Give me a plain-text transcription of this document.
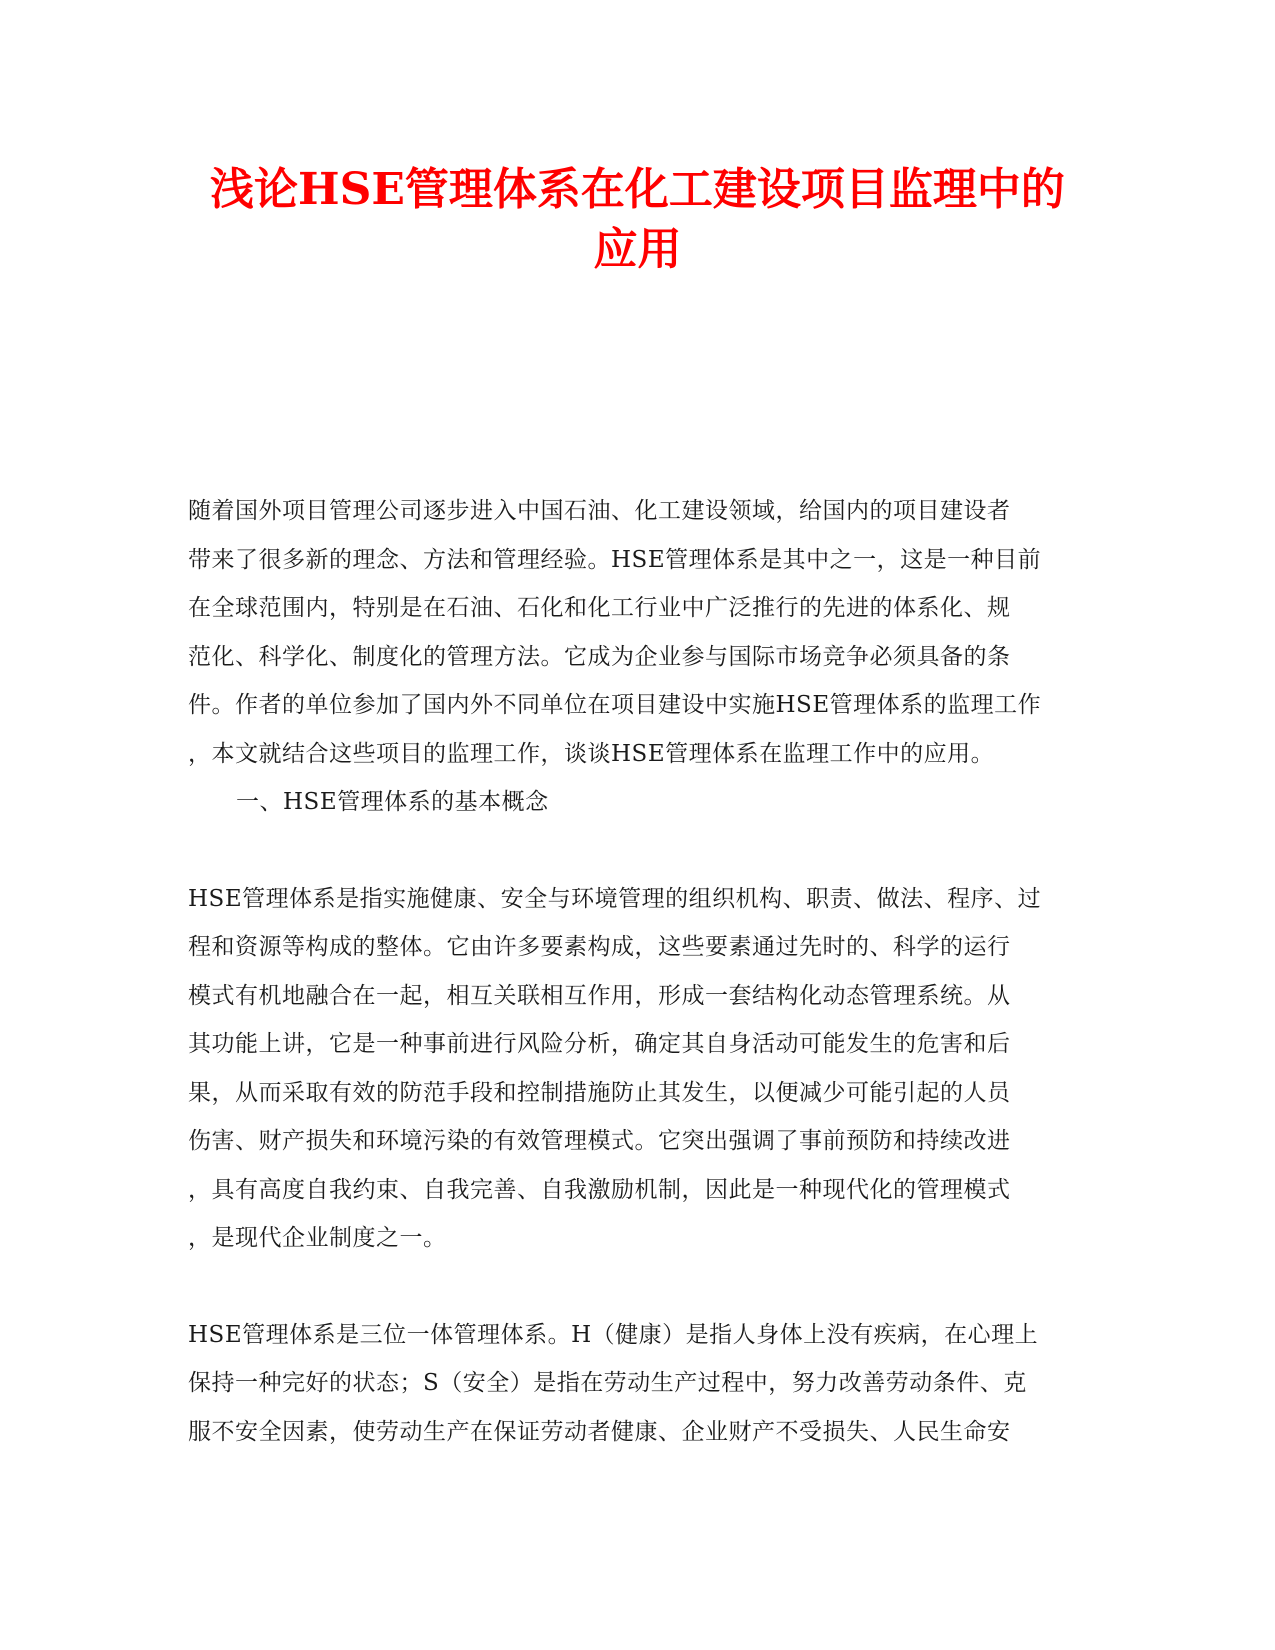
浅论HSE管理体系在化工建设项目监理中的
应用

随着国外项目管理公司逐步进入中国石油、化工建设领域，给国内的项目建设者
带来了很多新的理念、方法和管理经验。HSE管理体系是其中之一，这是一种目前
在全球范围内，特别是在石油、石化和化工行业中广泛推行的先进的体系化、规
范化、科学化、制度化的管理方法。它成为企业参与国际市场竞争必须具备的条
件。作者的单位参加了国内外不同单位在项目建设中实施HSE管理体系的监理工作
，本文就结合这些项目的监理工作，谈谈HSE管理体系在监理工作中的应用。

一、HSE管理体系的基本概念

HSE管理体系是指实施健康、安全与环境管理的组织机构、职责、做法、程序、过
程和资源等构成的整体。它由许多要素构成，这些要素通过先时的、科学的运行
模式有机地融合在一起，相互关联相互作用，形成一套结构化动态管理系统。从
其功能上讲，它是一种事前进行风险分析，确定其自身活动可能发生的危害和后
果，从而采取有效的防范手段和控制措施防止其发生，以便减少可能引起的人员
伤害、财产损失和环境污染的有效管理模式。它突出强调了事前预防和持续改进
，具有高度自我约束、自我完善、自我激励机制，因此是一种现代化的管理模式
，是现代企业制度之一。

HSE管理体系是三位一体管理体系。H（健康）是指人身体上没有疾病，在心理上
保持一种完好的状态；S（安全）是指在劳动生产过程中，努力改善劳动条件、克
服不安全因素，使劳动生产在保证劳动者健康、企业财产不受损失、人民生命安
